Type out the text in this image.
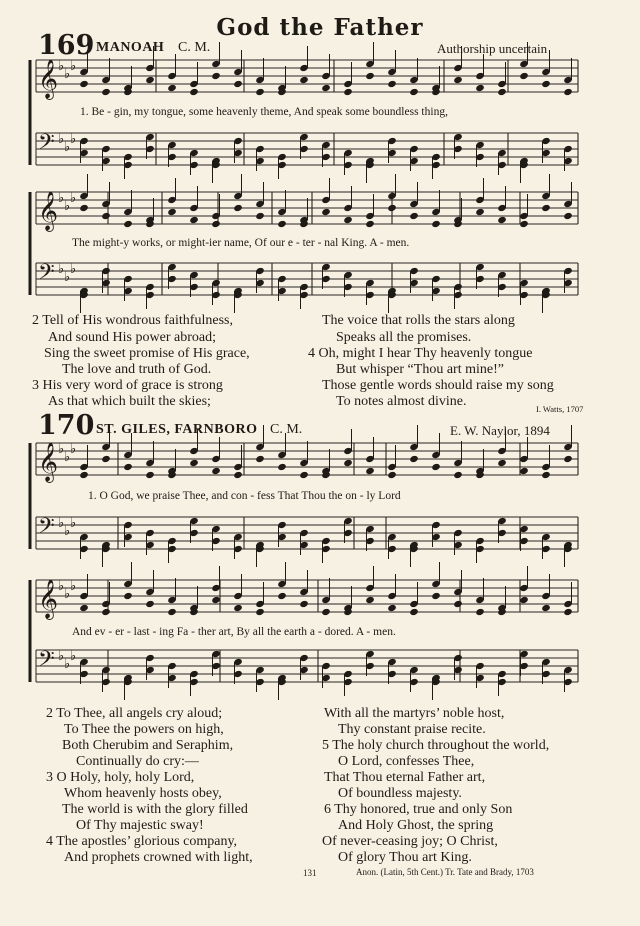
God the Father
169 MANOAH C. M.	Authorship uncertain
𝄞 ♭
♭
♭
𝄢 ♭
♭
♭
𝄞 ♭
♭
♭
𝄢 ♭
♭
♭
𝄞 ♭
♭
♭
𝄢 ♭
♭
♭
𝄞 ♭
♭
♭
𝄢 ♭
♭
♭
1. Be - gin, my tongue, some heavenly theme, And speak some boundless thing,
The might-y works, or might-ier name, Of our e - ter - nal King. A - men.
2 Tell of His wondrous faithfulness,
And sound His power abroad;
Sing the sweet promise of His grace,
The love and truth of God.
3 His very word of grace is strong
As that which built the skies;
The voice that rolls the stars along
Speaks all the promises.
4 Oh, might I hear Thy heavenly tongue
But whisper “Thou art mine!”
Those gentle words should raise my song
To notes almost divine.	I. Watts, 1707
170 ST. GILES, FARNBORO C. M.	E. W. Naylor, 1894
1. O God, we praise Thee, and con - fess That Thou the on - ly Lord
And ev - er - last - ing Fa - ther art, By all the earth a - dored. A - men.
2 To Thee, all angels cry aloud;
To Thee the powers on high,
Both Cherubim and Seraphim,
Continually do cry:—
3 O Holy, holy, holy Lord,
Whom heavenly hosts obey,
The world is with the glory filled
Of Thy majestic sway!
4 The apostles’ glorious company,
And prophets crowned with light,
With all the martyrs’ noble host,
Thy constant praise recite.
5 The holy church throughout the world,
O Lord, confesses Thee,
That Thou eternal Father art,
Of boundless majesty.
6 Thy honored, true and only Son
And Holy Ghost, the spring
Of never-ceasing joy; O Christ,
Of glory Thou art King.
131	Anon. (Latin, 5th Cent.) Tr. Tate and Brady, 1703
